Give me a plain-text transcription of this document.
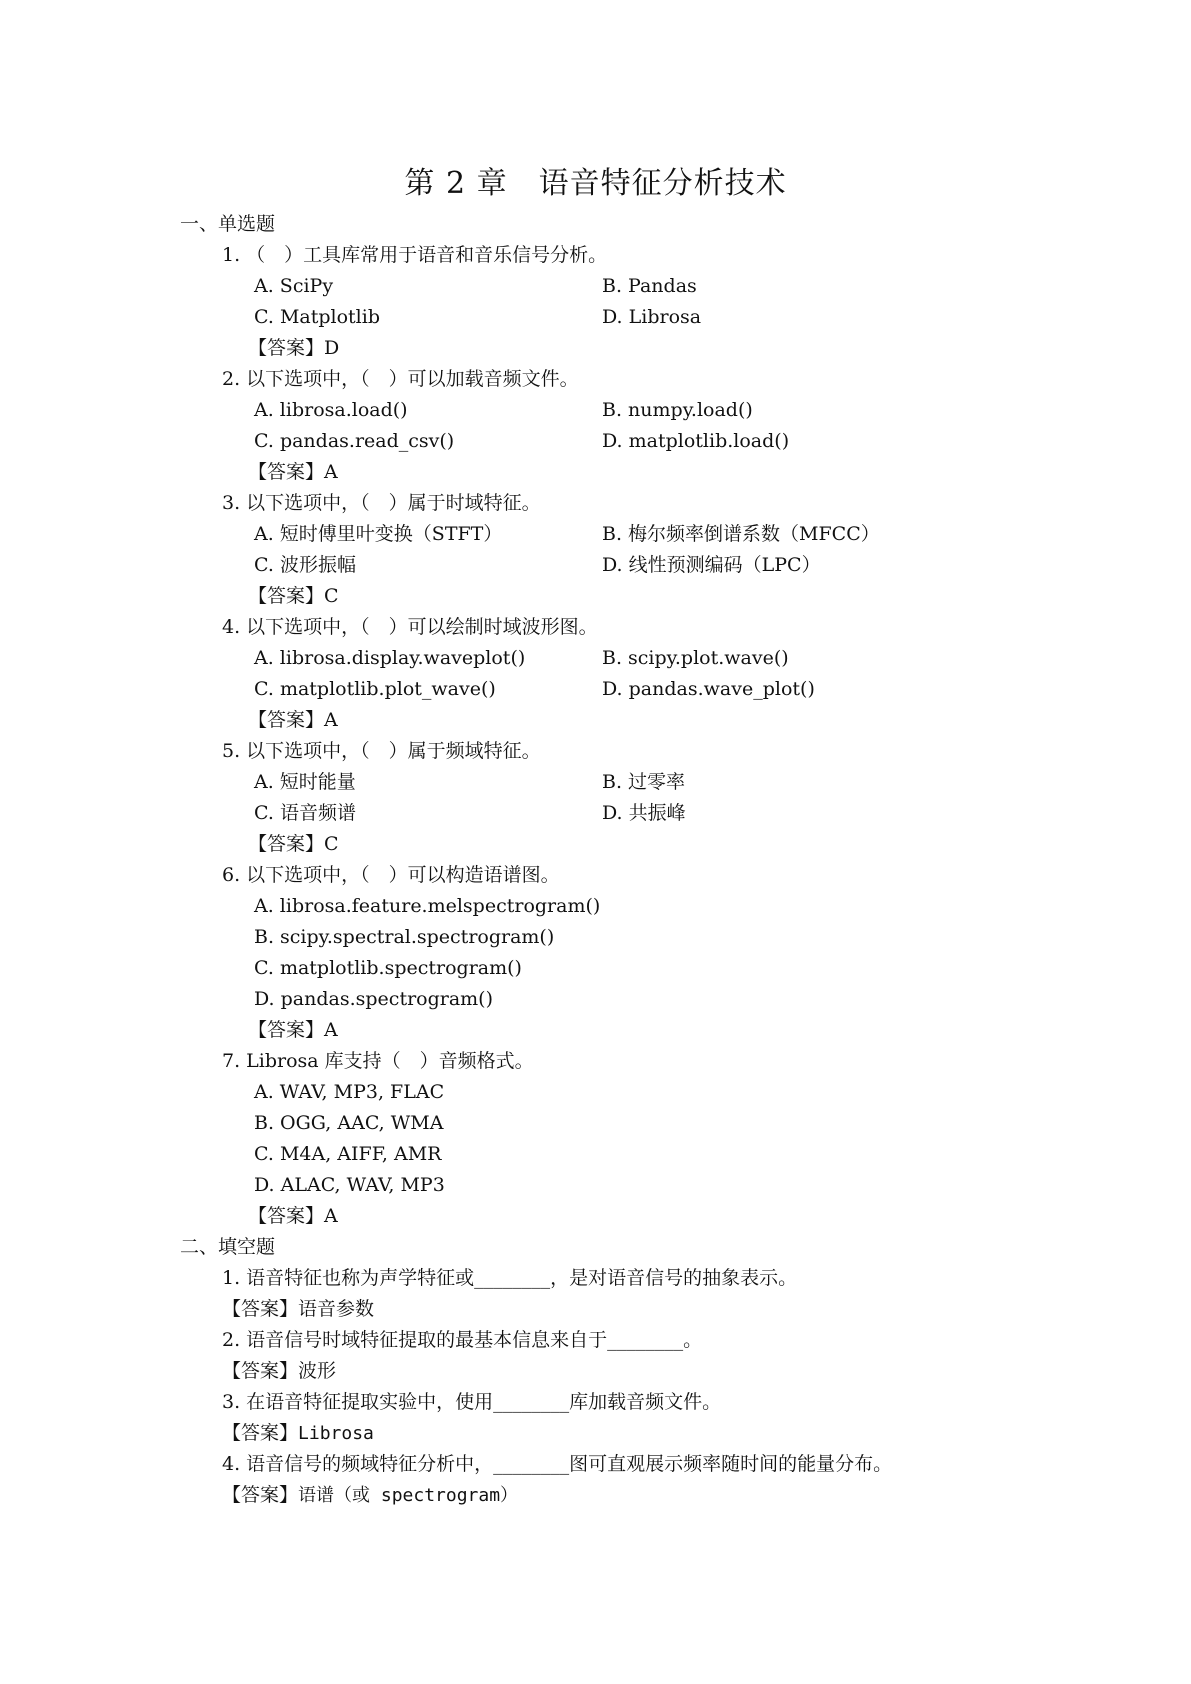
第 2 章　语音特征分析技术
一、单选题
1. （　）工具库常用于语音和音乐信号分析。
A. SciPy	B. Pandas
C. Matplotlib	D. Librosa
【答案】D
2. 以下选项中，（　）可以加载音频文件。
A. librosa.load()	B. numpy.load()
C. pandas.read_csv()	D. matplotlib.load()
【答案】A
3. 以下选项中，（　）属于时域特征。
A. 短时傅里叶变换（STFT）	B. 梅尔频率倒谱系数（MFCC）
C. 波形振幅	D. 线性预测编码（LPC）
【答案】C
4. 以下选项中，（　）可以绘制时域波形图。
A. librosa.display.waveplot()	B. scipy.plot.wave()
C. matplotlib.plot_wave()	D. pandas.wave_plot()
【答案】A
5. 以下选项中，（　）属于频域特征。
A. 短时能量	B. 过零率
C. 语音频谱	D. 共振峰
【答案】C
6. 以下选项中，（　）可以构造语谱图。
A. librosa.feature.melspectrogram()
B. scipy.spectral.spectrogram()
C. matplotlib.spectrogram()
D. pandas.spectrogram()
【答案】A
7. Librosa 库支持（　）音频格式。
A. WAV, MP3, FLAC
B. OGG, AAC, WMA
C. M4A, AIFF, AMR
D. ALAC, WAV, MP3
【答案】A
二、填空题
1. 语音特征也称为声学特征或________，是对语音信号的抽象表示。
【答案】语音参数
2. 语音信号时域特征提取的最基本信息来自于________。
【答案】波形
3. 在语音特征提取实验中，使用________库加载音频文件。
【答案】Librosa
4. 语音信号的频域特征分析中，________图可直观展示频率随时间的能量分布。
【答案】语谱（或 spectrogram）
